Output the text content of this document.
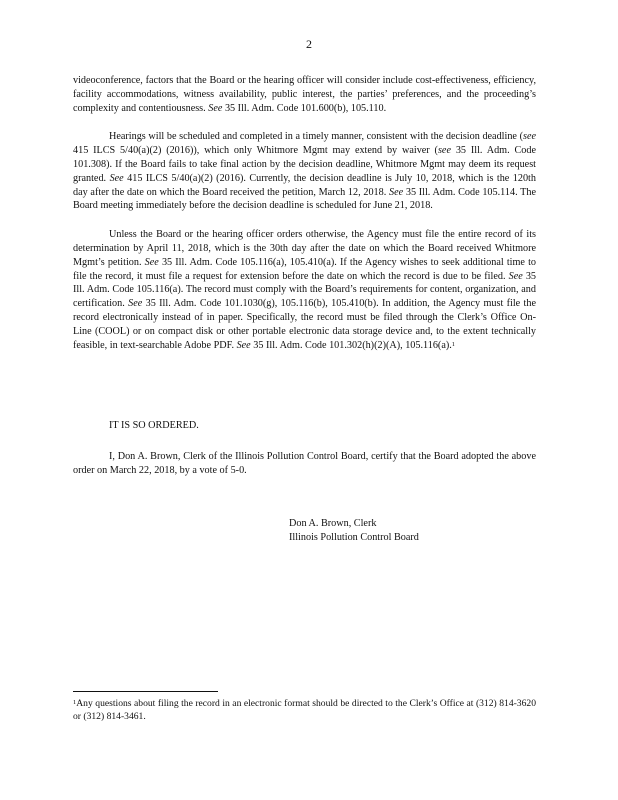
2

videoconference, factors that the Board or the hearing officer will consider include cost-effectiveness, efficiency, facility accommodations, witness availability, public interest, the parties’ preferences, and the proceeding’s complexity and contentiousness. See 35 Ill. Adm. Code 101.600(b), 105.110.

Hearings will be scheduled and completed in a timely manner, consistent with the decision deadline (see 415 ILCS 5/40(a)(2) (2016)), which only Whitmore Mgmt may extend by waiver (see 35 Ill. Adm. Code 101.308). If the Board fails to take final action by the decision deadline, Whitmore Mgmt may deem its request granted. See 415 ILCS 5/40(a)(2) (2016). Currently, the decision deadline is July 10, 2018, which is the 120th day after the date on which the Board received the petition, March 12, 2018. See 35 Ill. Adm. Code 105.114. The Board meeting immediately before the decision deadline is scheduled for June 21, 2018.

Unless the Board or the hearing officer orders otherwise, the Agency must file the entire record of its determination by April 11, 2018, which is the 30th day after the date on which the Board received Whitmore Mgmt’s petition. See 35 Ill. Adm. Code 105.116(a), 105.410(a). If the Agency wishes to seek additional time to file the record, it must file a request for extension before the date on which the record is due to be filed. See 35 Ill. Adm. Code 105.116(a). The record must comply with the Board’s requirements for content, organization, and certification. See 35 Ill. Adm. Code 101.1030(g), 105.116(b), 105.410(b). In addition, the Agency must file the record electronically instead of in paper. Specifically, the record must be filed through the Clerk’s Office On-Line (COOL) or on compact disk or other portable electronic data storage device and, to the extent technically feasible, in text-searchable Adobe PDF. See 35 Ill. Adm. Code 101.302(h)(2)(A), 105.116(a).$^1$

IT IS SO ORDERED.
I, Don A. Brown, Clerk of the Illinois Pollution Control Board, certify that the Board adopted the above order on March 22, 2018, by a vote of 5-0.
Don A. Brown, Clerk
Illinois Pollution Control Board
$^1$Any questions about filing the record in an electronic format should be directed to the Clerk’s Office at (312) 814-3620 or (312) 814-3461.
